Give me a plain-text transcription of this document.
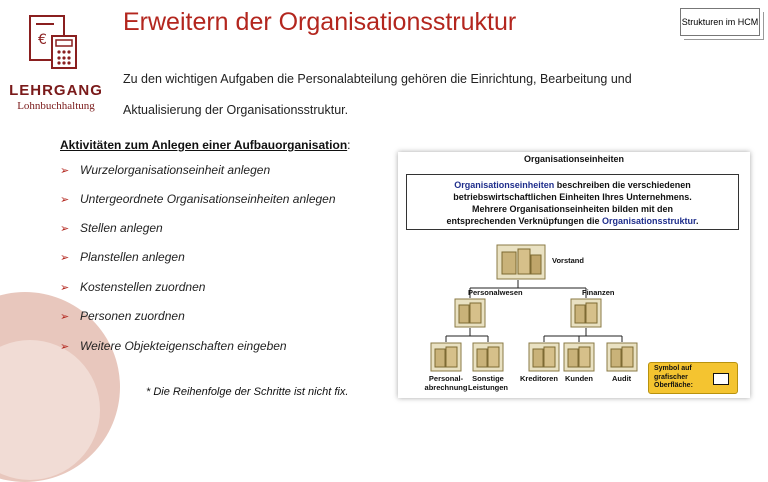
€
LEHRGANG
Lohnbuchhaltung
Erweitern der Organisationsstruktur	Strukturen im HCM
Zu den wichtigen Aufgaben die Personalabteilung gehören die Einrichtung, Bearbeitung und
Aktualisierung der Organisationsstruktur.
Aktivitäten zum Anlegen einer Aufbauorganisation:
➢ Wurzelorganisationseinheit anlegen
➢ Untergeordnete Organisationseinheiten anlegen
➢ Stellen anlegen
➢ Planstellen anlegen
➢ Kostenstellen zuordnen
➢ Personen zuordnen
➢ Weitere Objekteigenschaften eingeben
* Die Reihenfolge der Schritte ist nicht fix.
Organisationseinheiten
Organisationseinheiten beschreiben die verschiedenen
betriebswirtschaftlichen Einheiten Ihres Unternehmens.
Mehrere Organisationseinheiten bilden mit den
entsprechenden Verknüpfungen die Organisationsstruktur.
Vorstand
Personalwesen	Finanzen
Personal-
abrechnung
Sonstige
Leistungen
Kreditoren Kunden	Audit
Symbol auf
grafischer
Oberfläche:
